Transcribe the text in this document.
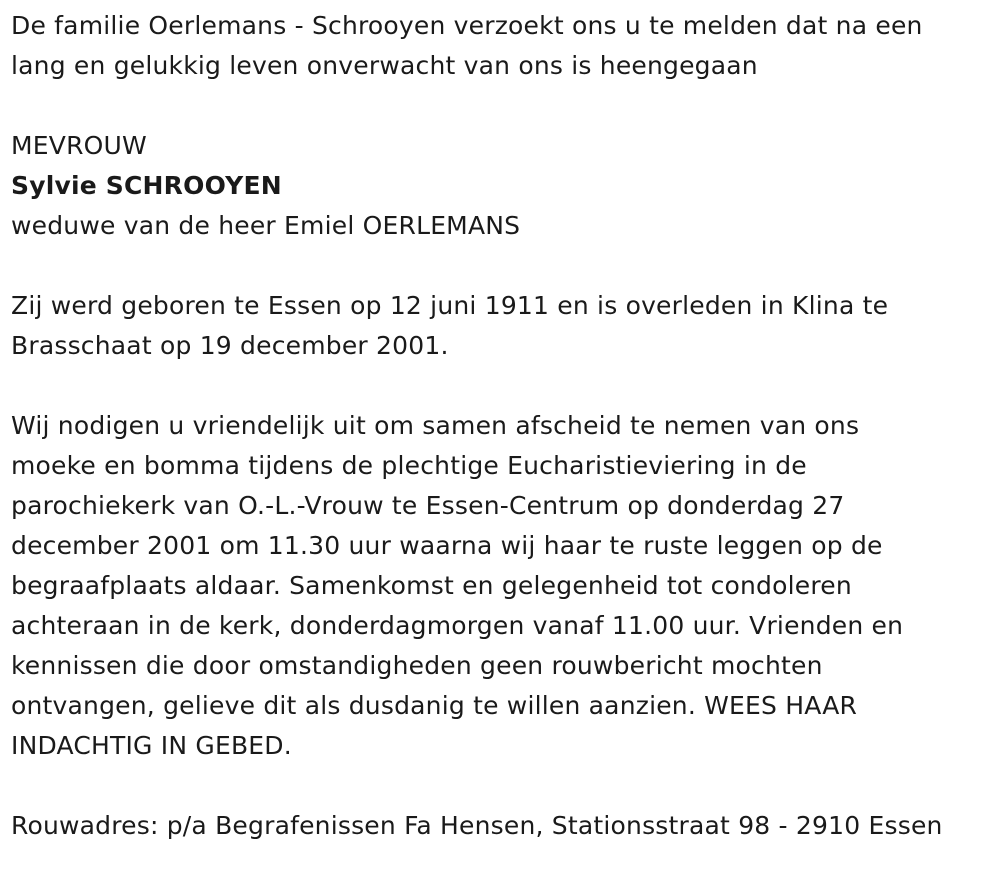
De familie Oerlemans - Schrooyen verzoekt ons u te melden dat na een
lang en gelukkig leven onverwacht van ons is heengegaan

MEVROUW

Sylvie SCHROOYEN

weduwe van de heer Emiel OERLEMANS

Zij werd geboren te Essen op 12 juni 1911 en is overleden in Klina te
Brasschaat op 19 december 2001.

Wij nodigen u vriendelijk uit om samen afscheid te nemen van ons
moeke en bomma tijdens de plechtige Eucharistieviering in de
parochiekerk van O.-L.-Vrouw te Essen-Centrum op donderdag 27
december 2001 om 11.30 uur waarna wij haar te ruste leggen op de
begraafplaats aldaar. Samenkomst en gelegenheid tot condoleren
achteraan in de kerk, donderdagmorgen vanaf 11.00 uur. Vrienden en
kennissen die door omstandigheden geen rouwbericht mochten
ontvangen, gelieve dit als dusdanig te willen aanzien. WEES HAAR
INDACHTIG IN GEBED.

Rouwadres: p/a Begrafenissen Fa Hensen, Stationsstraat 98 - 2910 Essen
